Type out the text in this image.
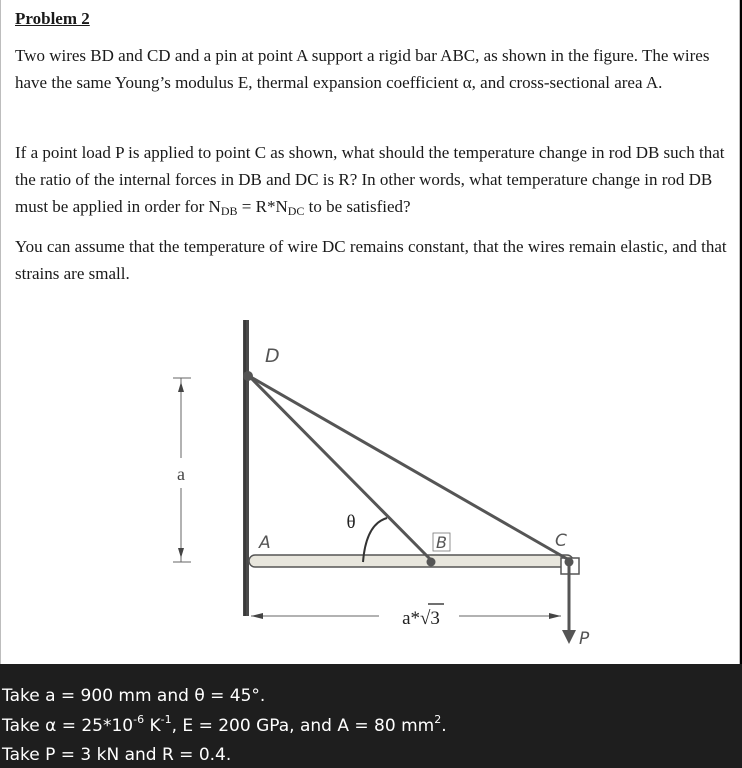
Problem 2

Two wires BD and CD and a pin at point A support a rigid bar ABC, as shown in the figure. The wires have the same Young’s modulus E, thermal expansion coefficient α, and cross-sectional area A.

If a point load P is applied to point C as shown, what should the temperature change in rod DB such that the ratio of the internal forces in DB and DC is R? In other words, what temperature change in rod DB must be applied in order for $N_{DB} = R*N_{DC}$ to be satisfied?

You can assume that the temperature of wire DC remains constant, that the wires remain elastic, and that strains are small.

a
a*√3
θ
D
A	B	C
P
Take a = 900 mm and θ = 45°.
Take $\alpha = 25*10^{-6}$ $K^{-1}$, E = 200 GPa, and A = 80 $mm^2$.
Take P = 3 kN and R = 0.4.
